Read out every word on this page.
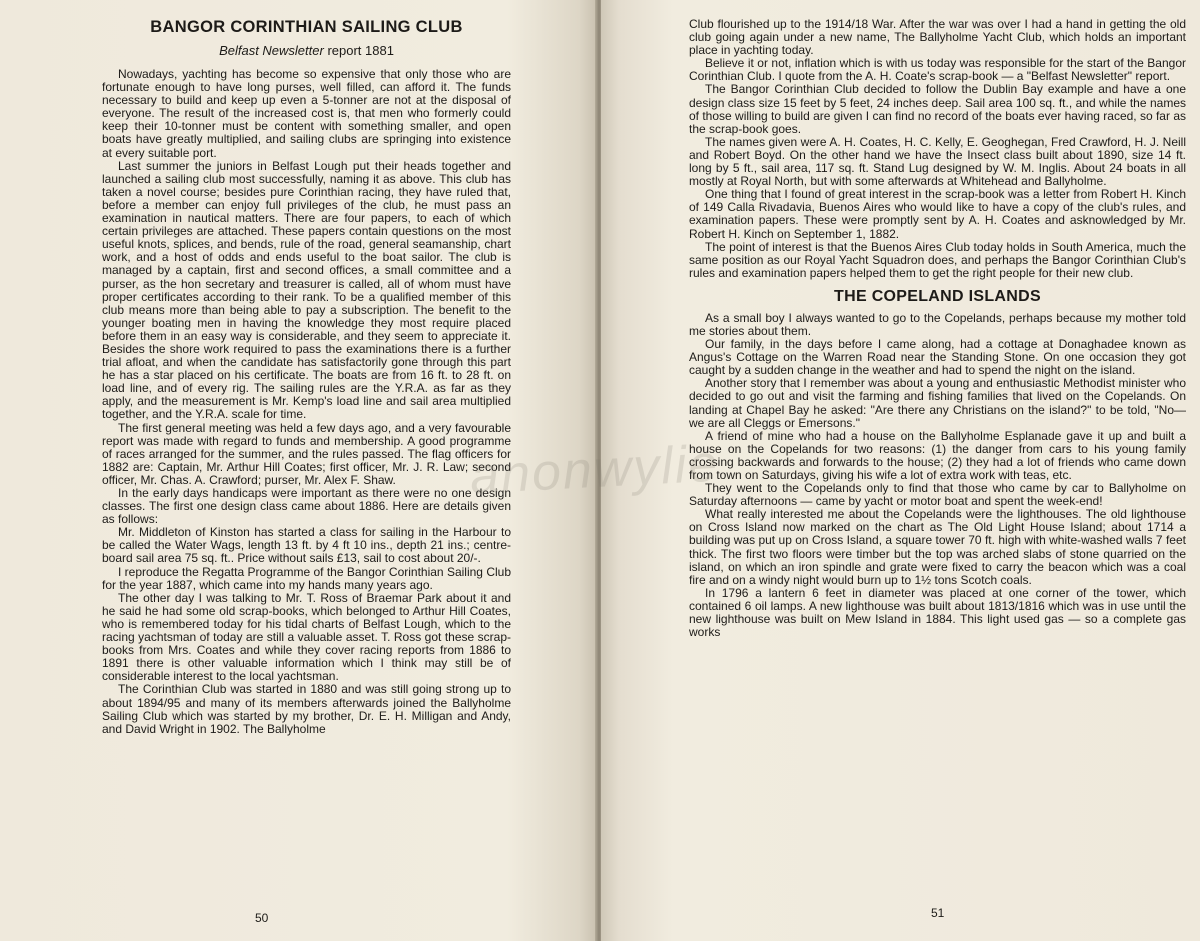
BANGOR CORINTHIAN SAILING CLUB
Belfast Newsletter report 1881

Nowadays, yachting has become so expensive that only those who are fortunate enough to have long purses, well filled, can afford it. The funds necessary to build and keep up even a 5-tonner are not at the disposal of everyone. The result of the increased cost is, that men who formerly could keep their 10-tonner must be content with something smaller, and open boats have greatly multiplied, and sailing clubs are springing into existence at every suitable port.

Last summer the juniors in Belfast Lough put their heads together and launched a sailing club most successfully, naming it as above. This club has taken a novel course; besides pure Corinthian racing, they have ruled that, before a member can enjoy full privileges of the club, he must pass an examination in nautical matters. There are four papers, to each of which certain privileges are attached. These papers contain questions on the most useful knots, splices, and bends, rule of the road, general seamanship, chart work, and a host of odds and ends useful to the boat sailor. The club is managed by a captain, first and second offices, a small committee and a purser, as the hon secretary and treasurer is called, all of whom must have proper certificates according to their rank. To be a qualified member of this club means more than being able to pay a subscription. The benefit to the younger boating men in having the knowledge they most require placed before them in an easy way is considerable, and they seem to appreciate it. Besides the shore work required to pass the examinations there is a further trial afloat, and when the candidate has satisfactorily gone through this part he has a star placed on his certificate. The boats are from 16 ft. to 28 ft. on load line, and of every rig. The sailing rules are the Y.R.A. as far as they apply, and the measurement is Mr. Kemp's load line and sail area multiplied together, and the Y.R.A. scale for time.

The first general meeting was held a few days ago, and a very favourable report was made with regard to funds and membership. A good programme of races arranged for the summer, and the rules passed. The flag officers for 1882 are: Captain, Mr. Arthur Hill Coates; first officer, Mr. J. R. Law; second officer, Mr. Chas. A. Crawford; purser, Mr. Alex F. Shaw.

In the early days handicaps were important as there were no one design classes. The first one design class came about 1886. Here are details given as follows:

Mr. Middleton of Kinston has started a class for sailing in the Harbour to be called the Water Wags, length 13 ft. by 4 ft 10 ins., depth 21 ins.; centre-board sail area 75 sq. ft.. Price without sails £13, sail to cost about 20/-.

I reproduce the Regatta Programme of the Bangor Corinthian Sailing Club for the year 1887, which came into my hands many years ago.

The other day I was talking to Mr. T. Ross of Braemar Park about it and he said he had some old scrap-books, which belonged to Arthur Hill Coates, who is remembered today for his tidal charts of Belfast Lough, which to the racing yachtsman of today are still a valuable asset. T. Ross got these scrap-books from Mrs. Coates and while they cover racing reports from 1886 to 1891 there is other valuable information which I think may still be of considerable interest to the local yachtsman.

The Corinthian Club was started in 1880 and was still going strong up to about 1894/95 and many of its members afterwards joined the Ballyholme Sailing Club which was started by my brother, Dr. E. H. Milligan and Andy, and David Wright in 1902. The Ballyholme

50

Club flourished up to the 1914/18 War. After the war was over I had a hand in getting the old club going again under a new name, The Ballyholme Yacht Club, which holds an important place in yachting today.

Believe it or not, inflation which is with us today was responsible for the start of the Bangor Corinthian Club. I quote from the A. H. Coate's scrap-book — a "Belfast Newsletter" report.

The Bangor Corinthian Club decided to follow the Dublin Bay example and have a one design class size 15 feet by 5 feet, 24 inches deep. Sail area 100 sq. ft., and while the names of those willing to build are given I can find no record of the boats ever having raced, so far as the scrap-book goes.

The names given were A. H. Coates, H. C. Kelly, E. Geoghegan, Fred Crawford, H. J. Neill and Robert Boyd. On the other hand we have the Insect class built about 1890, size 14 ft. long by 5 ft., sail area, 117 sq. ft. Stand Lug designed by W. M. Inglis. About 24 boats in all mostly at Royal North, but with some afterwards at Whitehead and Ballyholme.

One thing that I found of great interest in the scrap-book was a letter from Robert H. Kinch of 149 Calla Rivadavia, Buenos Aires who would like to have a copy of the club's rules, and examination papers. These were promptly sent by A. H. Coates and asknowledged by Mr. Robert H. Kinch on September 1, 1882.

The point of interest is that the Buenos Aires Club today holds in South America, much the same position as our Royal Yacht Squadron does, and perhaps the Bangor Corinthian Club's rules and examination papers helped them to get the right people for their new club.

THE COPELAND ISLANDS

As a small boy I always wanted to go to the Copelands, perhaps because my mother told me stories about them.

Our family, in the days before I came along, had a cottage at Donaghadee known as Angus's Cottage on the Warren Road near the Standing Stone. On one occasion they got caught by a sudden change in the weather and had to spend the night on the island.

Another story that I remember was about a young and enthusiastic Methodist minister who decided to go out and visit the farming and fishing families that lived on the Copelands. On landing at Chapel Bay he asked: "Are there any Christians on the island?" to be told, "No—we are all Cleggs or Emersons."

A friend of mine who had a house on the Ballyholme Esplanade gave it up and built a house on the Copelands for two reasons: (1) the danger from cars to his young family crossing backwards and forwards to the house; (2) they had a lot of friends who came down from town on Saturdays, giving his wife a lot of extra work with teas, etc.

They went to the Copelands only to find that those who came by car to Ballyholme on Saturday afternoons — came by yacht or motor boat and spent the week-end!

What really interested me about the Copelands were the lighthouses. The old lighthouse on Cross Island now marked on the chart as The Old Light House Island; about 1714 a building was put up on Cross Island, a square tower 70 ft. high with white-washed walls 7 feet thick. The first two floors were timber but the top was arched slabs of stone quarried on the island, on which an iron spindle and grate were fixed to carry the beacon which was a coal fire and on a windy night would burn up to 1½ tons Scotch coals.

In 1796 a lantern 6 feet in diameter was placed at one corner of the tower, which contained 6 oil lamps. A new lighthouse was built about 1813/1816 which was in use until the new lighthouse was built on Mew Island in 1884. This light used gas — so a complete gas works

51
